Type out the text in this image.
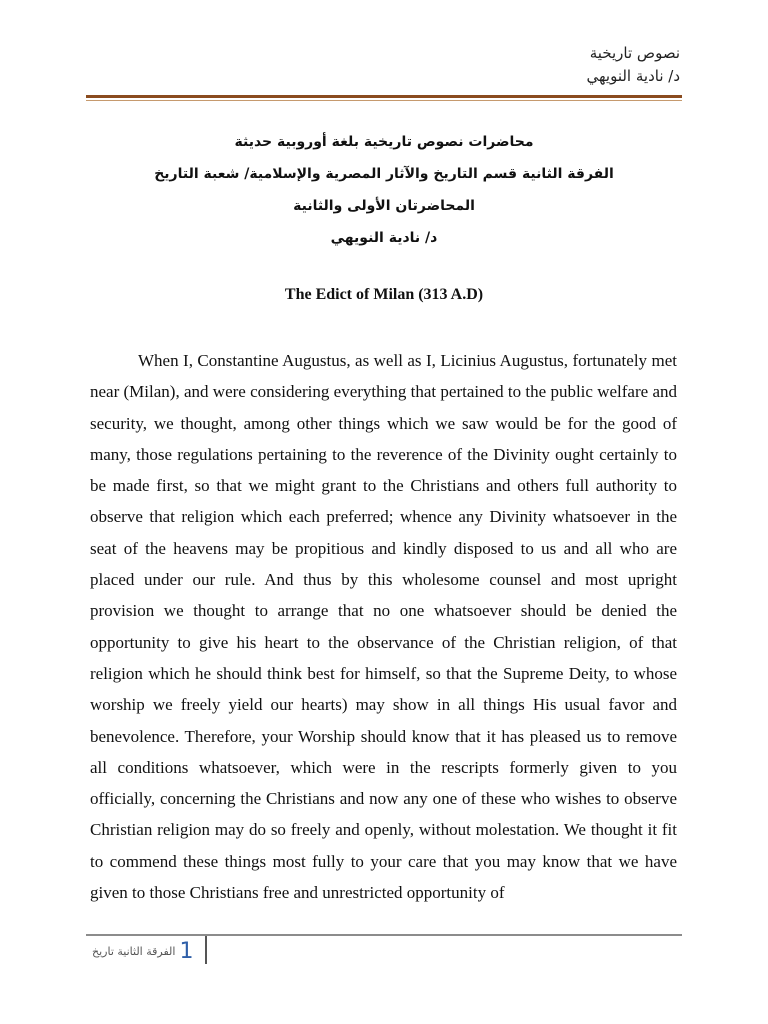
نصوص تاريخية
د/ نادية النويهي
محاضرات نصوص تاريخية بلغة أوروبية حديثة
الفرقة الثانية قسم التاريخ والآثار المصرية والإسلامية/ شعبة التاريخ
المحاضرتان الأولى والثانية
د/ نادية النويهي
The Edict of Milan (313 A.D)

When I, Constantine Augustus, as well as I, Licinius Augustus, fortunately met near (Milan), and were considering everything that pertained to the public welfare and security, we thought, among other things which we saw would be for the good of many, those regulations pertaining to the reverence of the Divinity ought certainly to be made first, so that we might grant to the Christians and others full authority to observe that religion which each preferred; whence any Divinity whatsoever in the seat of the heavens may be propitious and kindly disposed to us and all who are placed under our rule. And thus by this wholesome counsel and most upright provision we thought to arrange that no one whatsoever should be denied the opportunity to give his heart to the observance of the Christian religion, of that religion which he should think best for himself, so that the Supreme Deity, to whose worship we freely yield our hearts) may show in all things His usual favor and benevolence. Therefore, your Worship should know that it has pleased us to remove all conditions whatsoever, which were in the rescripts formerly given to you officially, concerning the Christians and now any one of these who wishes to observe Christian religion may do so freely and openly, without molestation. We thought it fit to commend these things most fully to your care that you may know that we have given to those Christians free and unrestricted opportunity of

1
الفرقة الثانية تاريخ
